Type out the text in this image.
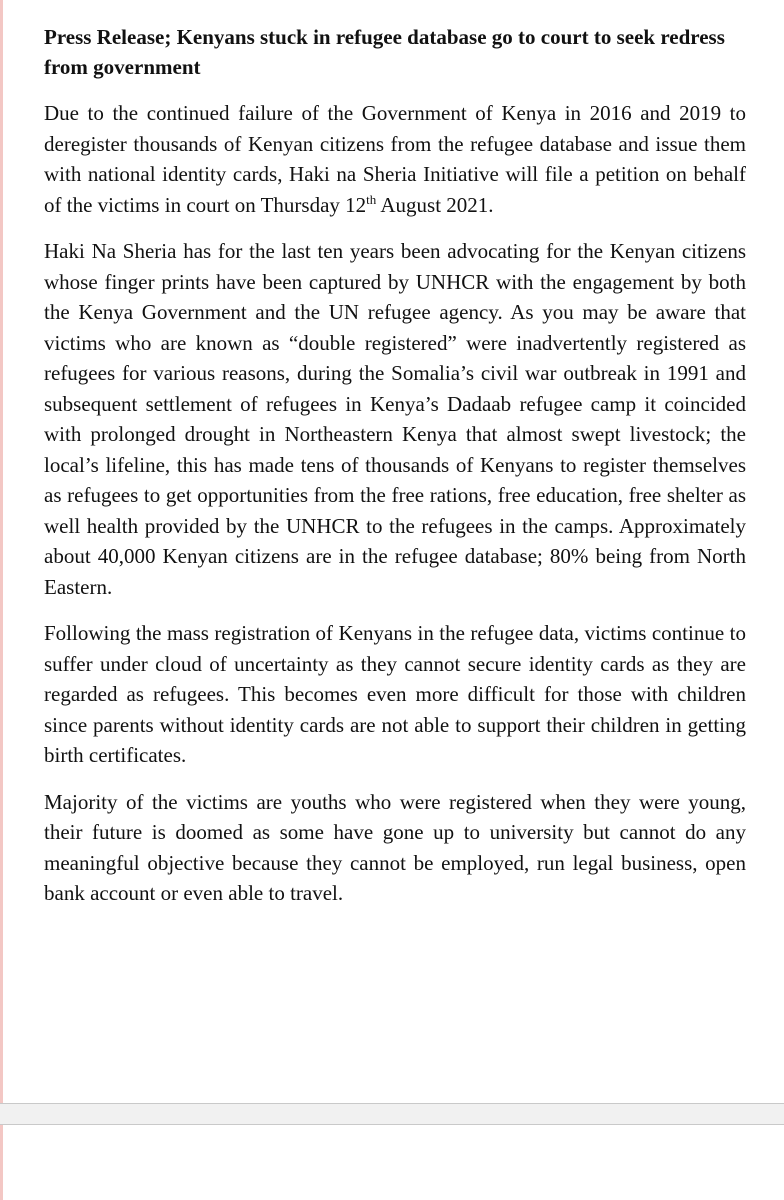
Press Release; Kenyans stuck in refugee database go to court to seek redress from government

Due to the continued failure of the Government of Kenya in 2016 and 2019 to deregister thousands of Kenyan citizens from the refugee database and issue them with national identity cards, Haki na Sheria Initiative will file a petition on behalf of the victims in court on Thursday 12th August 2021.

Haki Na Sheria has for the last ten years been advocating for the Kenyan citizens whose finger prints have been captured by UNHCR with the engagement by both the Kenya Government and the UN refugee agency. As you may be aware that victims who are known as “double registered” were inadvertently registered as refugees for various reasons, during the Somalia’s civil war outbreak in 1991 and subsequent settlement of refugees in Kenya’s Dadaab refugee camp it coincided with prolonged drought in Northeastern Kenya that almost swept livestock; the local’s lifeline, this has made tens of thousands of Kenyans to register themselves as refugees to get opportunities from the free rations, free education, free shelter as well health provided by the UNHCR to the refugees in the camps. Approximately about 40,000 Kenyan citizens are in the refugee database; 80% being from North Eastern.

Following the mass registration of Kenyans in the refugee data, victims continue to suffer under cloud of uncertainty as they cannot secure identity cards as they are regarded as refugees. This becomes even more difficult for those with children since parents without identity cards are not able to support their children in getting birth certificates.

Majority of the victims are youths who were registered when they were young, their future is doomed as some have gone up to university but cannot do any meaningful objective because they cannot be employed, run legal business, open bank account or even able to travel.
